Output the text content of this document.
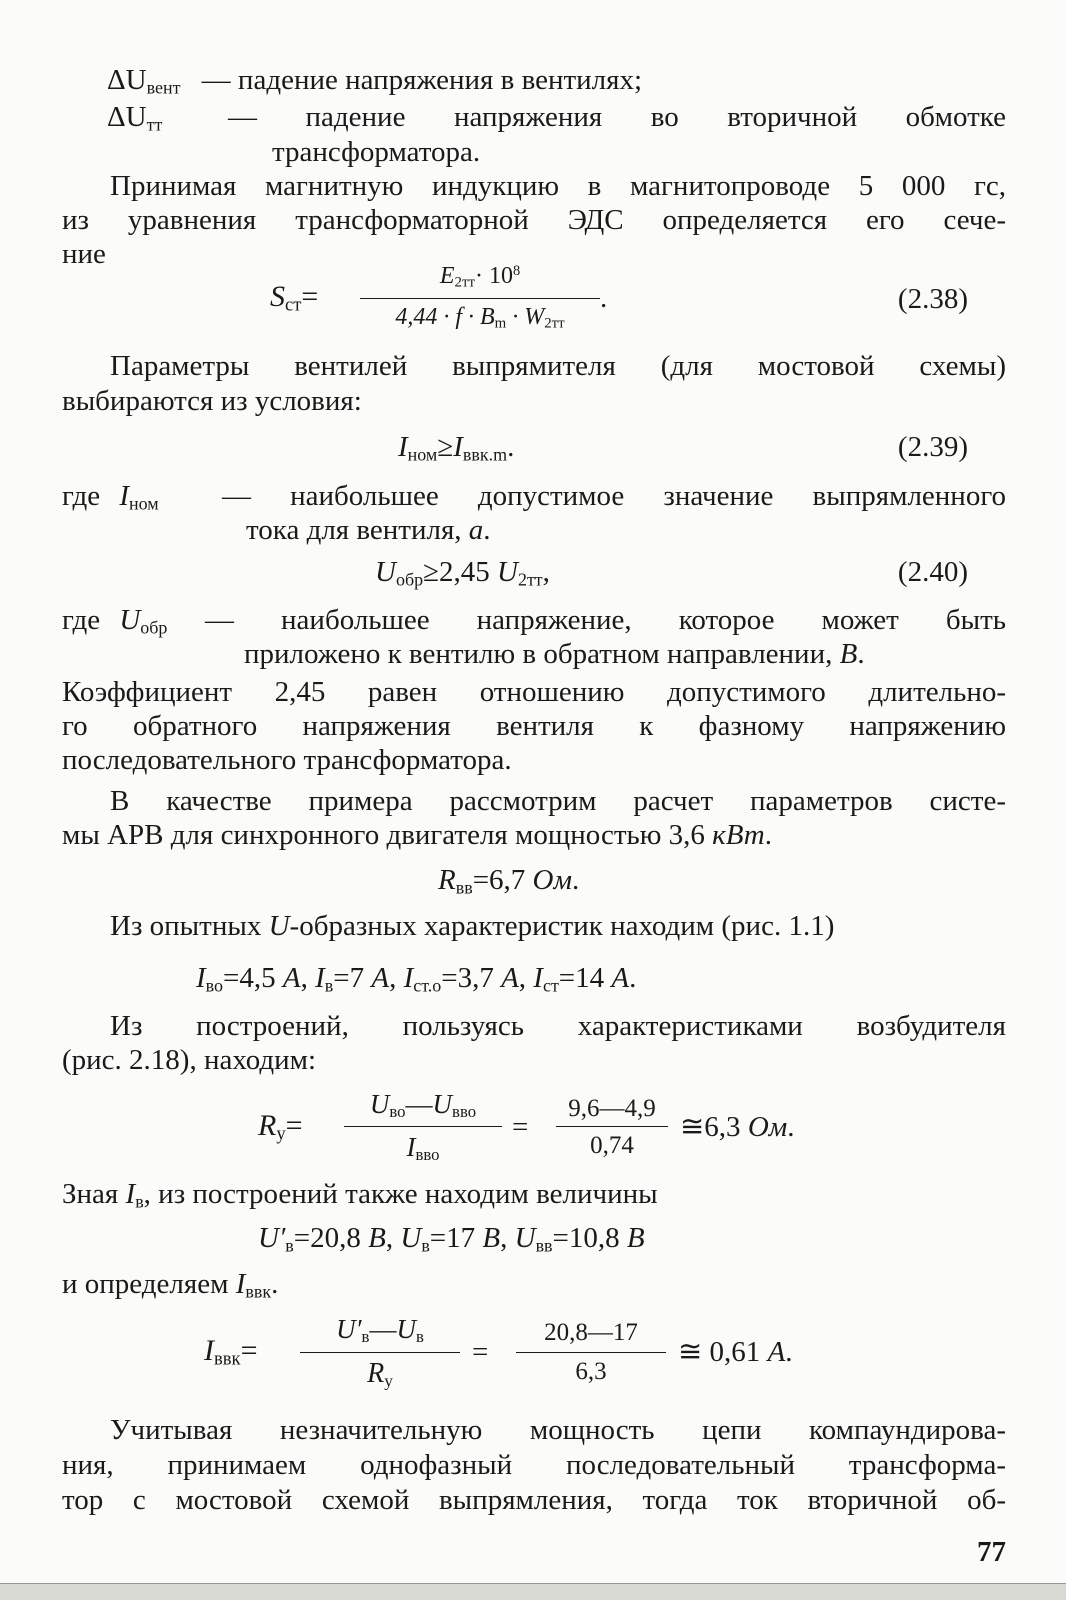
$\Delta U_{вент}$ — падение напряжения в вентилях;
$\Delta U_{тт}$ — падение напряжения во вторичной обмотке
трансформатора.
Принимая магнитную индукцию в магнитопроводе 5 000 гс,
из уравнения трансформаторной ЭДС определяется его сече-
ние
$S_{ст}=$
$E_{2тт}\cdot 10^8$
$4,44 \cdot f \cdot B_m \cdot W_{2тт}$
.	(2.38)
Параметры вентилей выпрямителя (для мостовой схемы)
выбираются из условия:
$I_{ном}\ge I_{ввк.m}$.	(2.39)
где $I_{ном}$ — наибольшее допустимое значение выпрямленного
тока для вентиля, а.
$U_{обр}\ge 2,45$ $U_{2тт}$,	(2.40)
где $U_{обр}$ — наибольшее напряжение, которое может быть
приложено к вентилю в обратном направлении, В.
Коэффициент 2,45 равен отношению допустимого длительно-
го обратного напряжения вентиля к фазному напряжению
последовательного трансформатора.
В качестве примера рассмотрим расчет параметров систе-
мы АРВ для синхронного двигателя мощностью 3,6 кВт.
$R_{вв}=6,7$ Ом.
Из опытных U-образных характеристик находим (рис. 1.1)
$I_{во}=4,5$ А, $I_в=7$ А, $I_{ст.о}=3,7$ А, $I_{ст}=14$ А.
Из построений, пользуясь характеристиками возбудителя
(рис. 2.18), находим:
$R_у=$
$U_{во}—U_{вво}$
$I_{вво}$
=
9,6—4,9
0,74
≅6,3 Ом.
Зная $I_в$, из построений также находим величины
$U'_в=20,8$ В, $U_в=17$ В, $U_{вв}=10,8$ В
и определяем $I_{ввк}$.
$I_{ввк}=$
$U'_в—U_в$
$R_у$
=
20,8—17
6,3
≅ 0,61 А.
Учитывая незначительную мощность цепи компаундирова-
ния, принимаем однофазный последовательный трансформа-
тор с мостовой схемой выпрямления, тогда ток вторичной об-
77
